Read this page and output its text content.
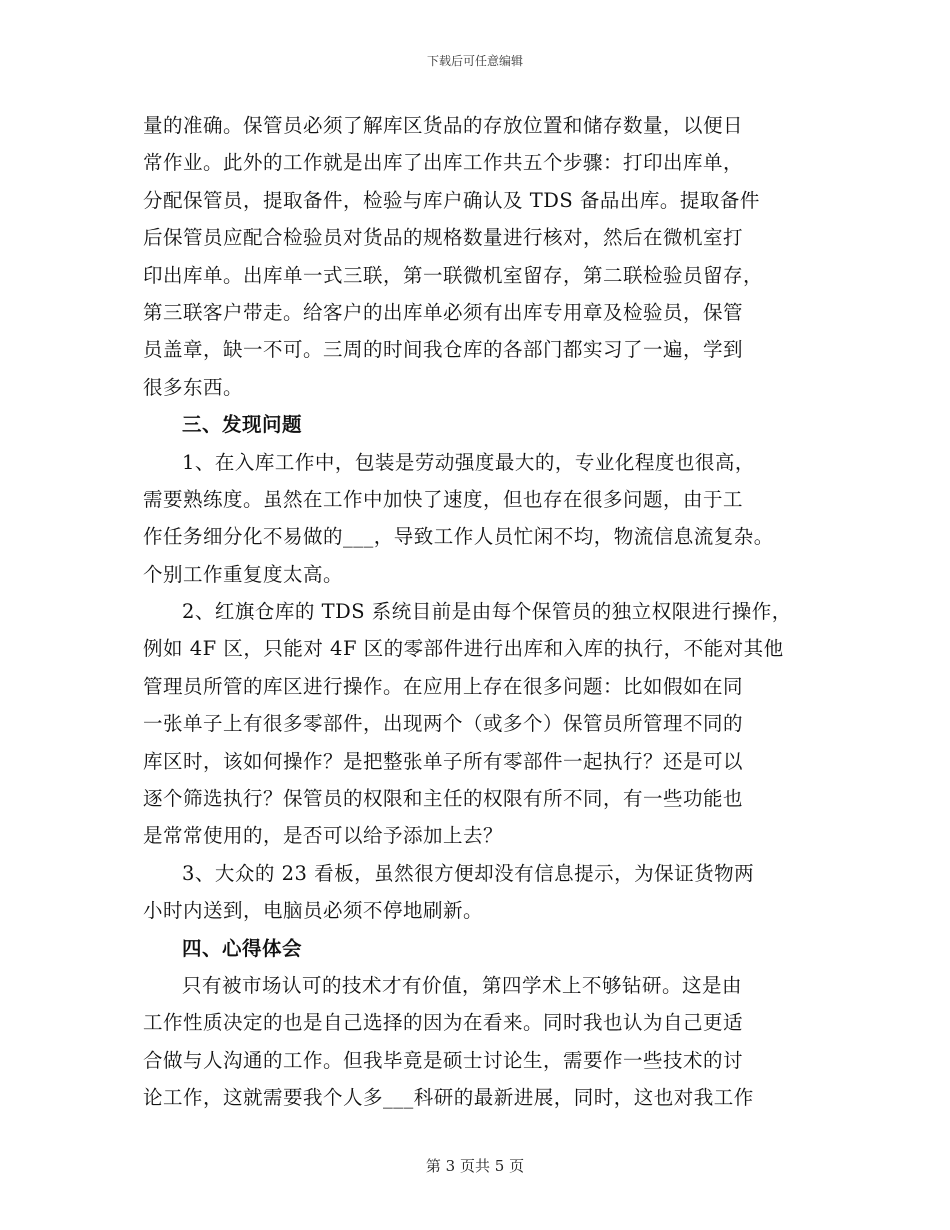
下载后可任意编辑
量的准确。保管员必须了解库区货品的存放位置和储存数量，以便日
常作业。此外的工作就是出库了出库工作共五个步骤：打印出库单，
分配保管员，提取备件，检验与库户确认及 TDS 备品出库。提取备件
后保管员应配合检验员对货品的规格数量进行核对，然后在微机室打
印出库单。出库单一式三联，第一联微机室留存，第二联检验员留存，
第三联客户带走。给客户的出库单必须有出库专用章及检验员，保管
员盖章，缺一不可。三周的时间我仓库的各部门都实习了一遍，学到
很多东西。
三、发现问题
1、在入库工作中，包装是劳动强度最大的，专业化程度也很高，
需要熟练度。虽然在工作中加快了速度，但也存在很多问题，由于工
作任务细分化不易做的___，导致工作人员忙闲不均，物流信息流复杂。
个别工作重复度太高。
2、红旗仓库的 TDS 系统目前是由每个保管员的独立权限进行操作，
例如 4F 区，只能对 4F 区的零部件进行出库和入库的执行，不能对其他
管理员所管的库区进行操作。在应用上存在很多问题：比如假如在同
一张单子上有很多零部件，出现两个（或多个）保管员所管理不同的
库区时，该如何操作？是把整张单子所有零部件一起执行？还是可以
逐个筛选执行？保管员的权限和主任的权限有所不同，有一些功能也
是常常使用的，是否可以给予添加上去？
3、大众的 23 看板，虽然很方便却没有信息提示，为保证货物两
小时内送到，电脑员必须不停地刷新。
四、心得体会
只有被市场认可的技术才有价值，第四学术上不够钻研。这是由
工作性质决定的也是自己选择的因为在看来。同时我也认为自己更适
合做与人沟通的工作。但我毕竟是硕士讨论生，需要作一些技术的讨
论工作，这就需要我个人多___科研的最新进展，同时，这也对我工作
第 3 页共 5 页
